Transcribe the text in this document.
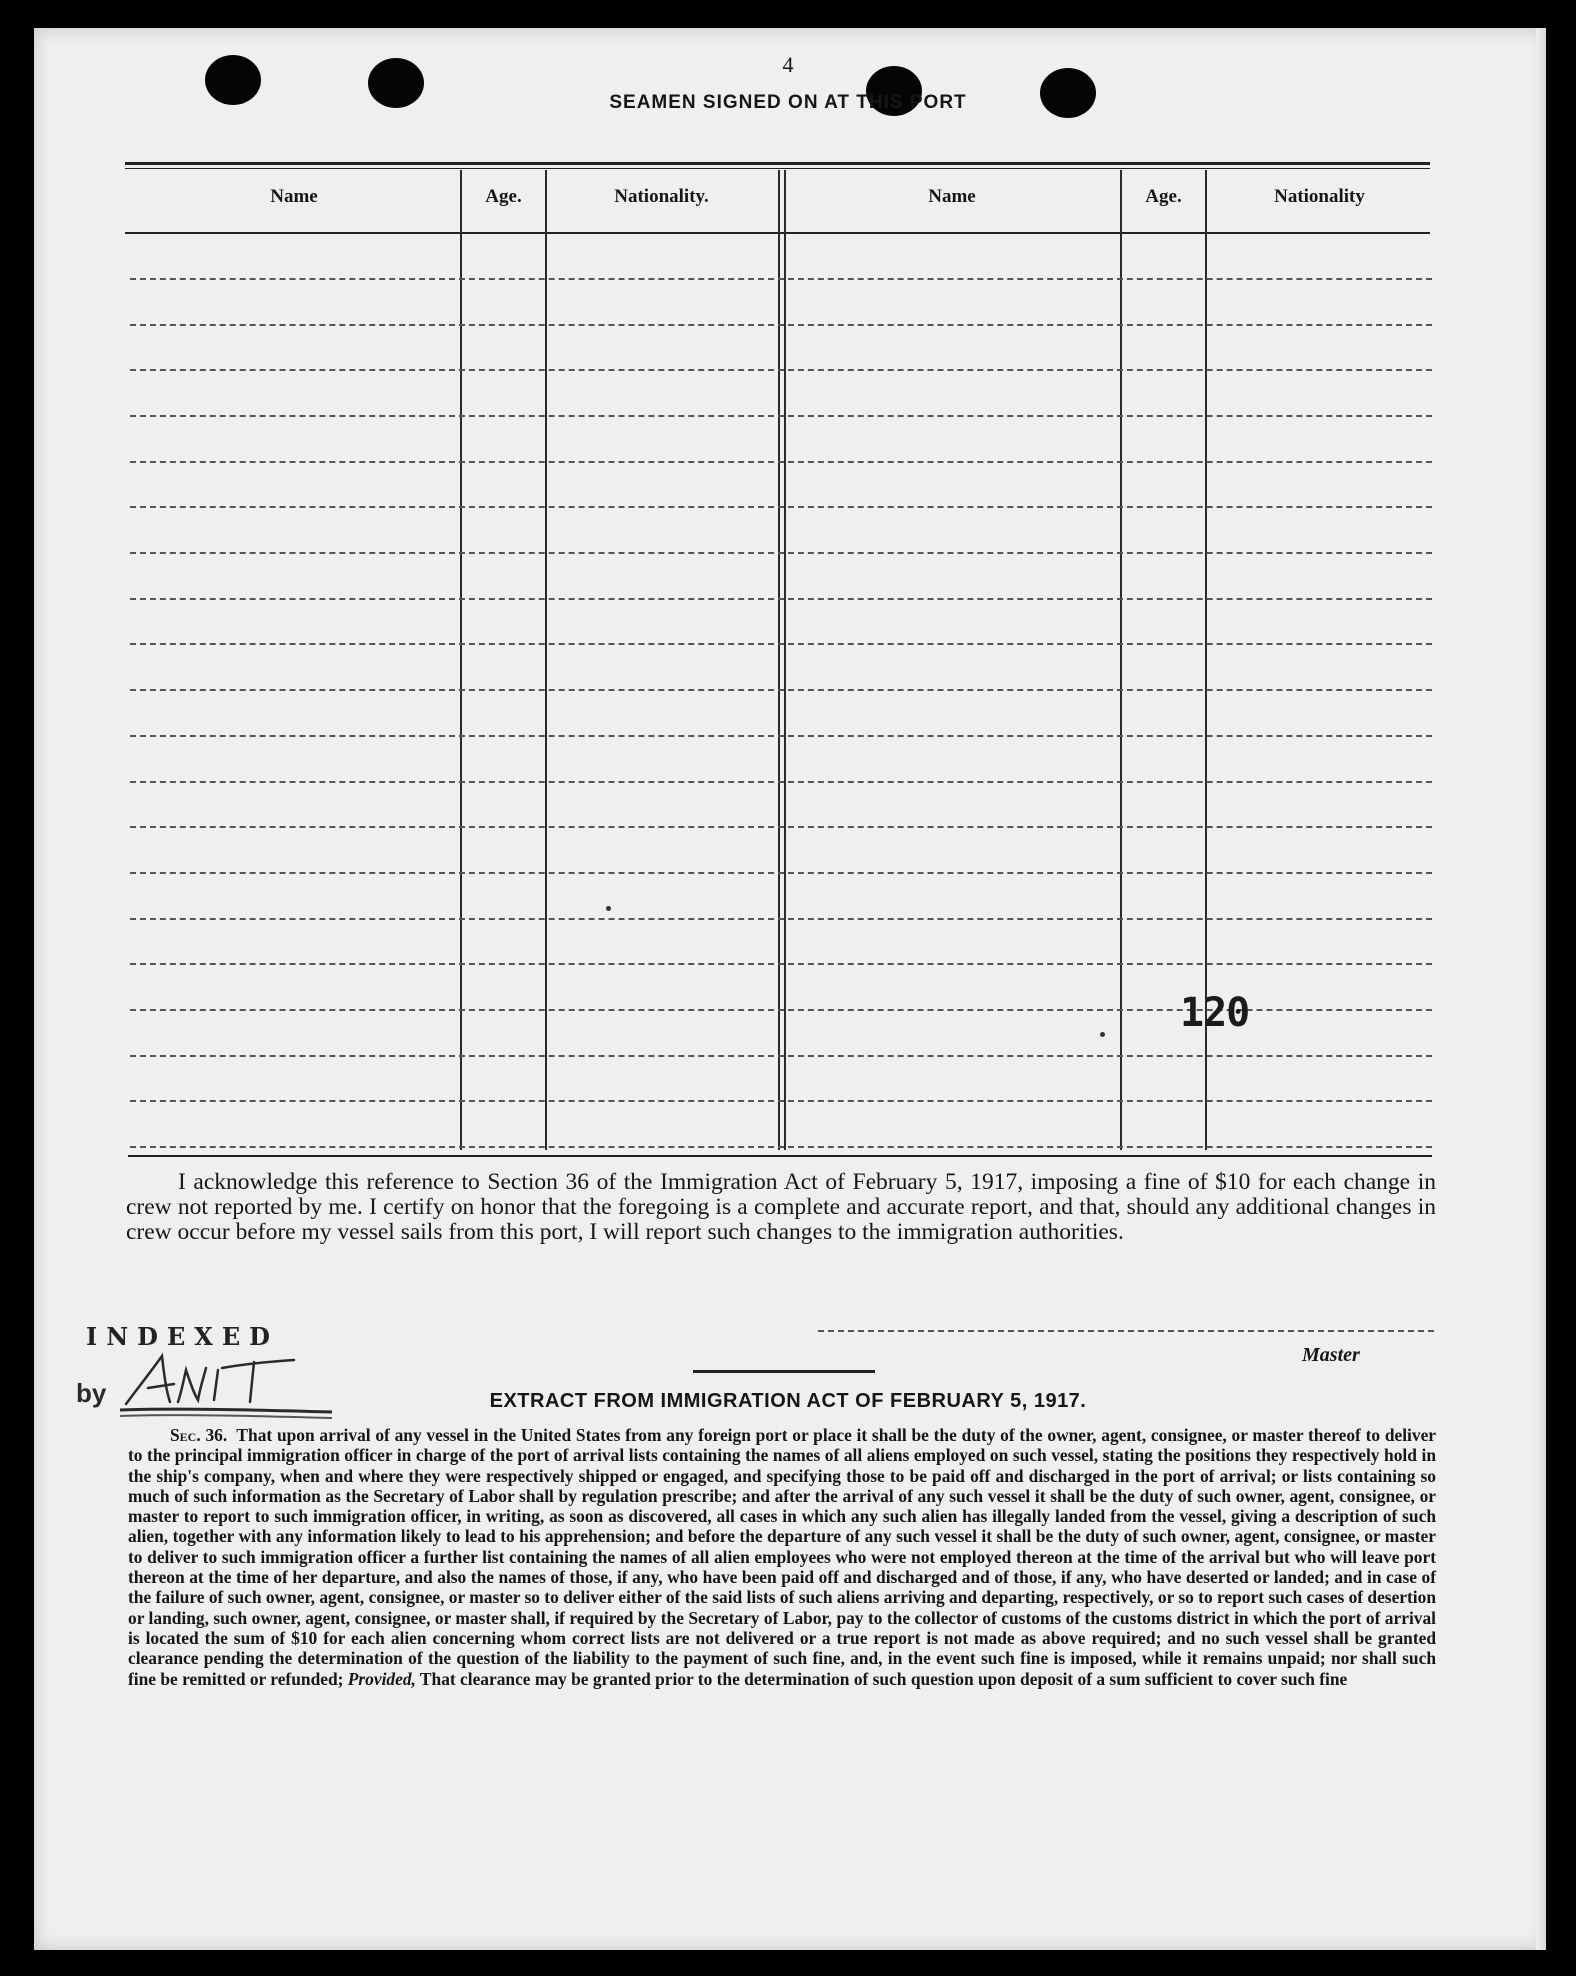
4
SEAMEN SIGNED ON AT THIS PORT
Name	Age.	Nationality.	Name	Age.	Nationality
120
I acknowledge this reference to Section 36 of the Immigration Act of February 5, 1917, imposing a fine of $10 for each change in crew not reported by me. I certify on honor that the foregoing is a complete and accurate report, and that, should any additional changes in crew occur before my vessel sails from this port, I will report such changes to the immigration authorities.
INDEXED
by
Master
EXTRACT FROM IMMIGRATION ACT OF FEBRUARY 5, 1917.
Sec. 36. That upon arrival of any vessel in the United States from any foreign port or place it shall be the duty of the owner, agent, consignee, or master thereof to deliver to the principal immigration officer in charge of the port of arrival lists containing the names of all aliens employed on such vessel, stating the positions they respectively hold in the ship's company, when and where they were respectively shipped or engaged, and specifying those to be paid off and discharged in the port of arrival; or lists containing so much of such information as the Secretary of Labor shall by regulation prescribe; and after the arrival of any such vessel it shall be the duty of such owner, agent, consignee, or master to report to such immigration officer, in writing, as soon as discovered, all cases in which any such alien has illegally landed from the vessel, giving a description of such alien, together with any information likely to lead to his apprehension; and before the departure of any such vessel it shall be the duty of such owner, agent, consignee, or master to deliver to such immigration officer a further list containing the names of all alien employees who were not employed thereon at the time of the arrival but who will leave port thereon at the time of her departure, and also the names of those, if any, who have been paid off and discharged and of those, if any, who have deserted or landed; and in case of the failure of such owner, agent, consignee, or master so to deliver either of the said lists of such aliens arriving and departing, respectively, or so to report such cases of desertion or landing, such owner, agent, consignee, or master shall, if required by the Secretary of Labor, pay to the collector of customs of the customs district in which the port of arrival is located the sum of $10 for each alien concerning whom correct lists are not delivered or a true report is not made as above required; and no such vessel shall be granted clearance pending the determination of the question of the liability to the payment of such fine, and, in the event such fine is imposed, while it remains unpaid; nor shall such fine be remitted or refunded; Provided, That clearance may be granted prior to the determination of such question upon deposit of a sum sufficient to cover such fine
